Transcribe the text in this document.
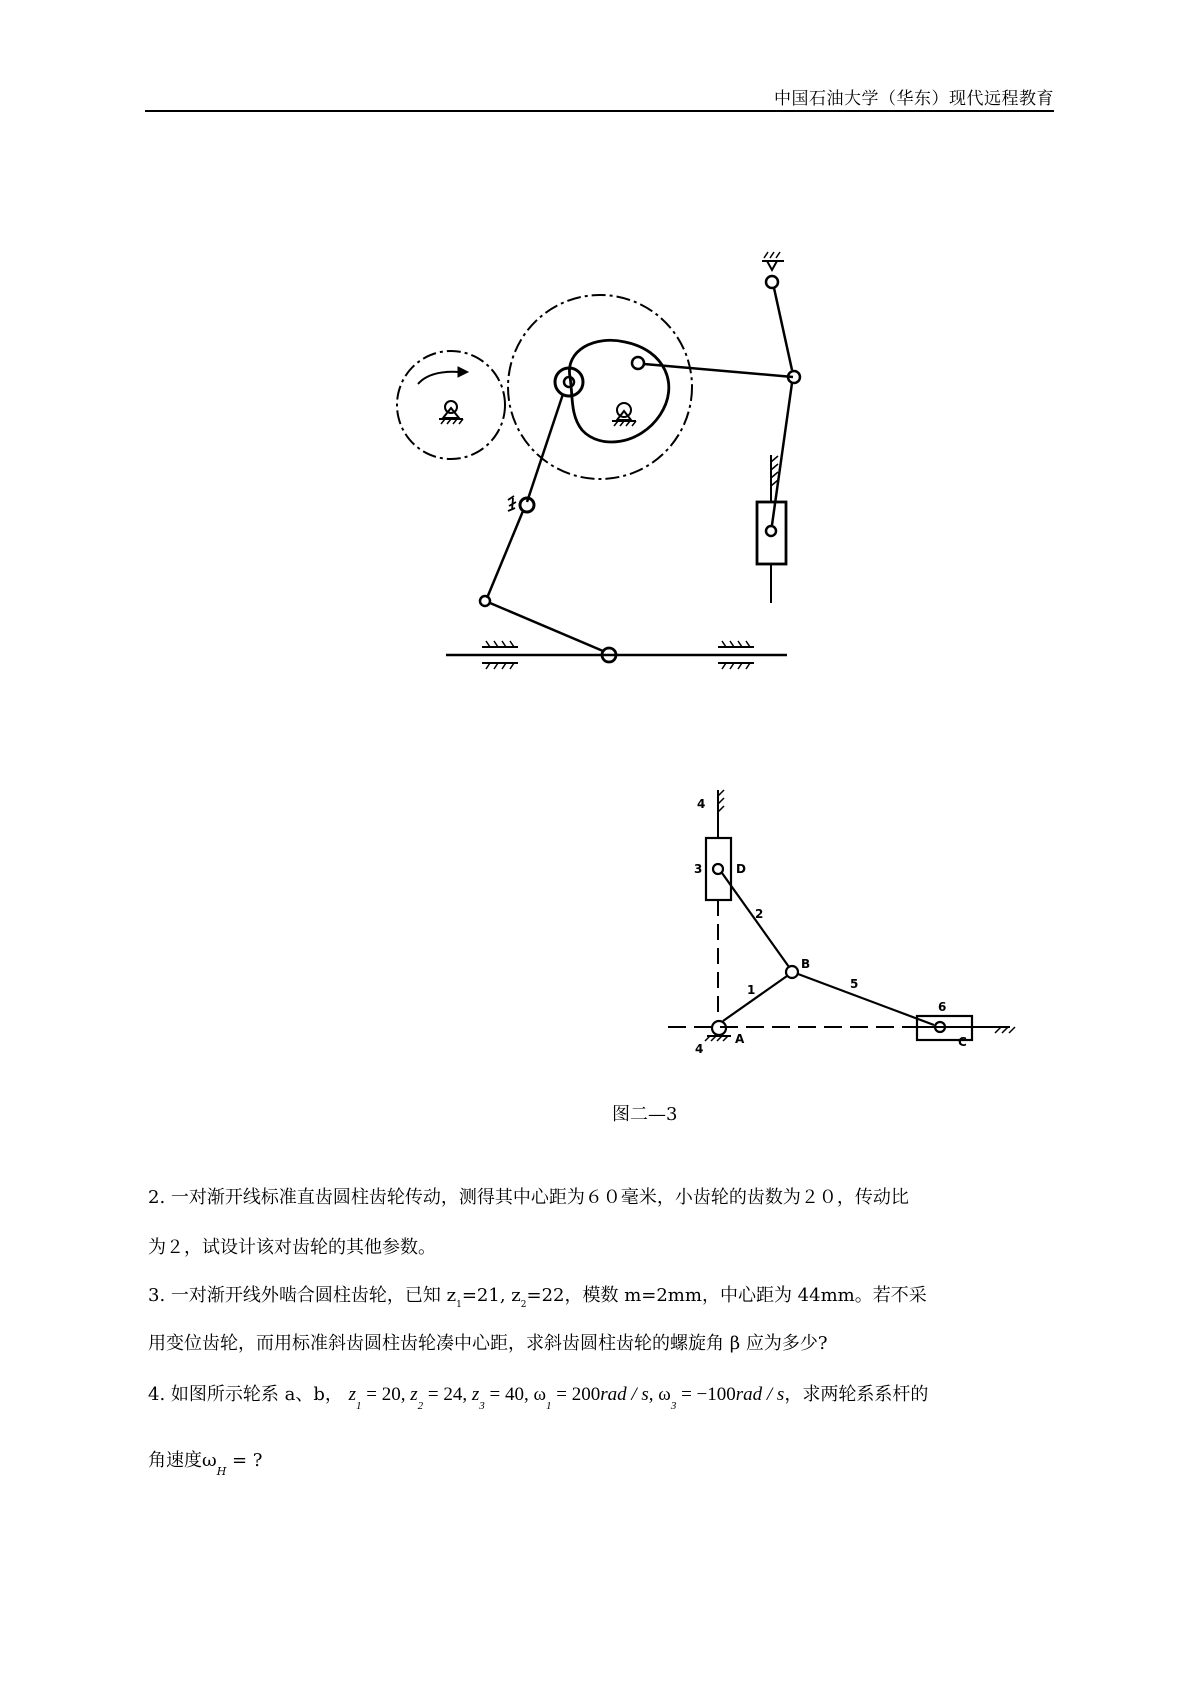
中国石油大学（华东）现代远程教育
4
3	D
2
B
1	5
6
4
A	C
图二—3
2. 一对渐开线标准直齿圆柱齿轮传动，测得其中心距为６０毫米，小齿轮的齿数为２０，传动比
为２，试设计该对齿轮的其他参数。
3. 一对渐开线外啮合圆柱齿轮，已知 $z_1=21$, $z_2=22$，模数 m=2mm，中心距为 44mm。若不采
用变位齿轮，而用标准斜齿圆柱齿轮凑中心距，求斜齿圆柱齿轮的螺旋角 β 应为多少?
4. 如图所示轮系 a、b， $z_1 = 20$, $z_2 = 24$, $z_3 = 40$, $\omega_1 = 200rad / s$, $\omega_3 = -100rad / s$，求两轮系系杆的
角速度$\omega_H$ = ?
